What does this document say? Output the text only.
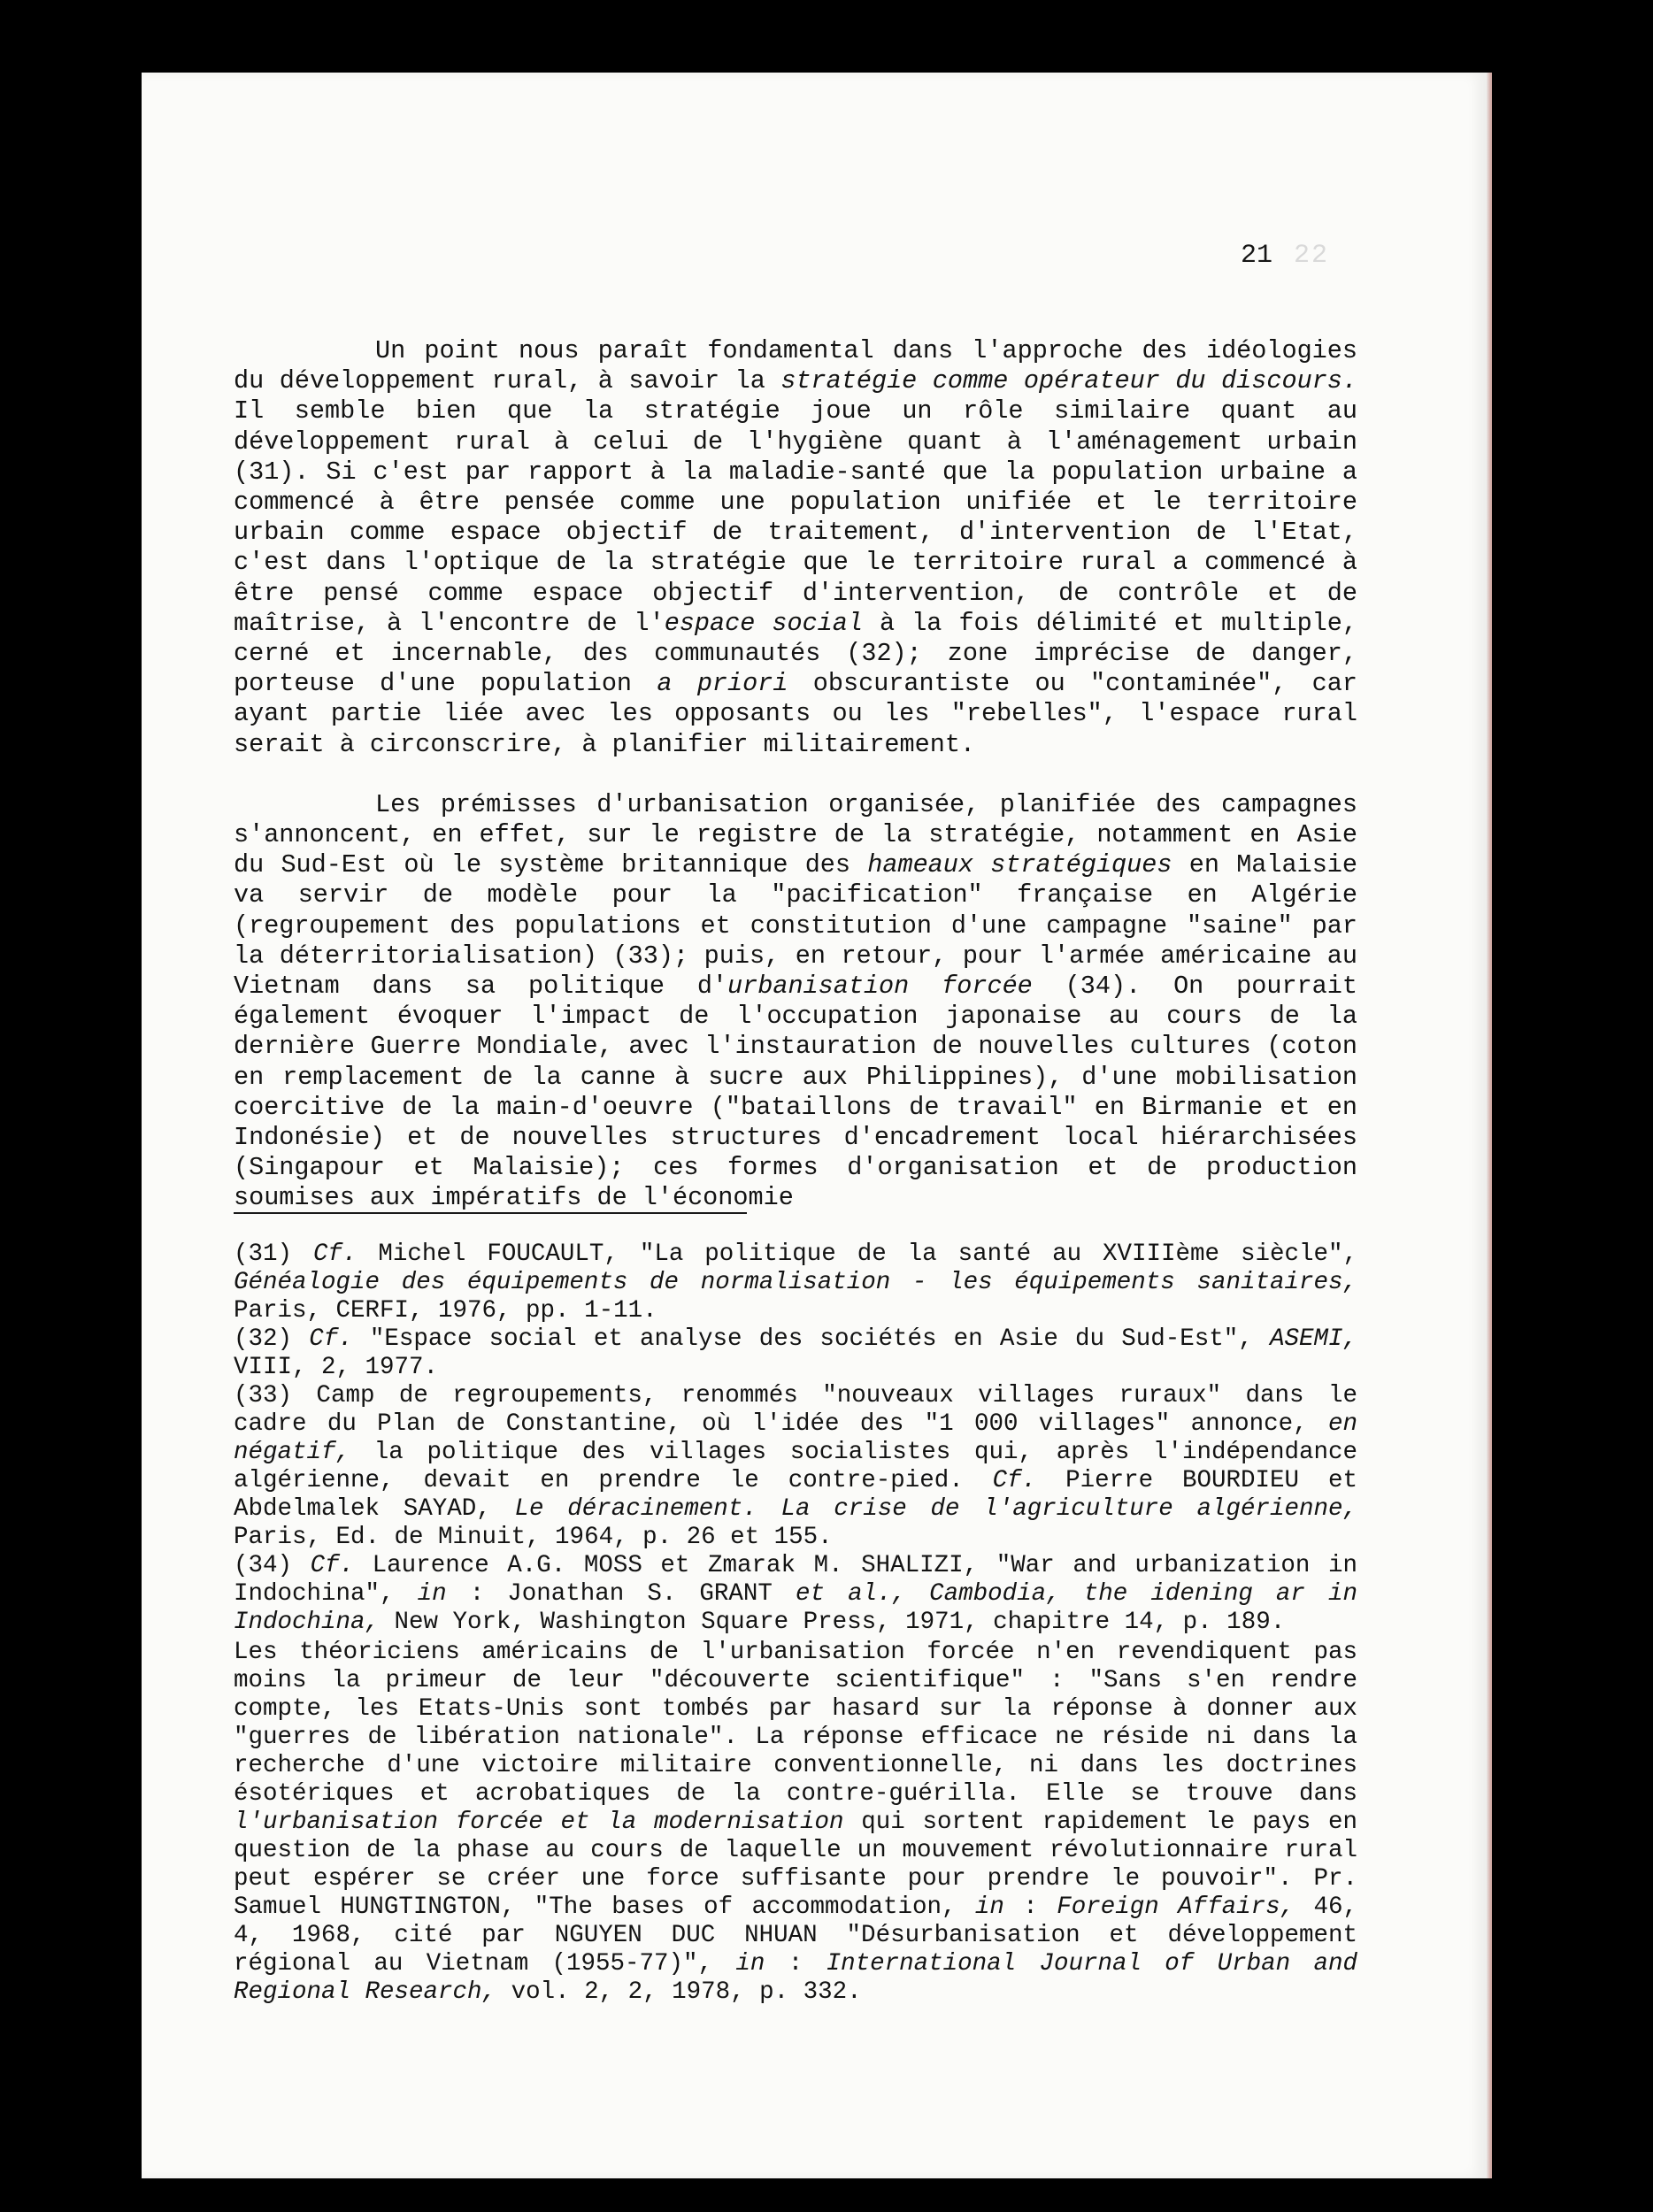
22
21

Un point nous paraît fondamental dans l'approche des idéologies du développement rural, à savoir la stratégie comme opérateur du discours. Il semble bien que la stratégie joue un rôle similaire quant au développement rural à celui de l'hygiène quant à l'aménagement urbain (31). Si c'est par rapport à la maladie-santé que la population urbaine a commencé à être pensée comme une population unifiée et le territoire urbain comme espace objectif de traitement, d'intervention de l'Etat, c'est dans l'optique de la stratégie que le territoire rural a commencé à être pensé comme espace objectif d'intervention, de contrôle et de maîtrise, à l'encontre de l'espace social à la fois délimité et multiple, cerné et incernable, des communautés (32); zone imprécise de danger, porteuse d'une population a priori obscurantiste ou "contaminée", car ayant partie liée avec les opposants ou les "rebelles", l'espace rural serait à circonscrire, à planifier militairement.

Les prémisses d'urbanisation organisée, planifiée des campagnes s'annoncent, en effet, sur le registre de la stratégie, notamment en Asie du Sud-Est où le système britannique des hameaux stratégiques en Malaisie va servir de modèle pour la "pacification" française en Algérie (regroupement des populations et constitution d'une campagne "saine" par la déterritorialisation) (33); puis, en retour, pour l'armée américaine au Vietnam dans sa politique d'urbanisation forcée (34). On pourrait également évoquer l'impact de l'occupation japonaise au cours de la dernière Guerre Mondiale, avec l'instauration de nouvelles cultures (coton en remplacement de la canne à sucre aux Philippines), d'une mobilisation coercitive de la main-d'oeuvre ("bataillons de travail" en Birmanie et en Indonésie) et de nouvelles structures d'encadrement local hiérarchisées (Singapour et Malaisie); ces formes d'organisation et de production soumises aux impératifs de l'économie

(31) Cf. Michel FOUCAULT, "La politique de la santé au XVIIIème siècle", Généalogie des équipements de normalisation - les équipements sanitaires, Paris, CERFI, 1976, pp. 1-11.

(32) Cf. "Espace social et analyse des sociétés en Asie du Sud-Est", ASEMI, VIII, 2, 1977.

(33) Camp de regroupements, renommés "nouveaux villages ruraux" dans le cadre du Plan de Constantine, où l'idée des "1 000 villages" annonce, en négatif, la politique des villages socialistes qui, après l'indépendance algérienne, devait en prendre le contre-pied. Cf. Pierre BOURDIEU et Abdelmalek SAYAD, Le déracinement. La crise de l'agriculture algérienne, Paris, Ed. de Minuit, 1964, p. 26 et 155.

(34) Cf. Laurence A.G. MOSS et Zmarak M. SHALIZI, "War and urbanization in Indochina", in : Jonathan S. GRANT et al., Cambodia, the idening ar in Indochina, New York, Washington Square Press, 1971, chapitre 14, p. 189.

Les théoriciens américains de l'urbanisation forcée n'en revendiquent pas moins la primeur de leur "découverte scientifique" : "Sans s'en rendre compte, les Etats-Unis sont tombés par hasard sur la réponse à donner aux "guerres de libération nationale". La réponse efficace ne réside ni dans la recherche d'une victoire militaire conventionnelle, ni dans les doctrines ésotériques et acrobatiques de la contre-guérilla. Elle se trouve dans l'urbanisation forcée et la modernisation qui sortent rapidement le pays en question de la phase au cours de laquelle un mouvement révolutionnaire rural peut espérer se créer une force suffisante pour prendre le pouvoir". Pr. Samuel HUNGTINGTON, "The bases of accommodation, in : Foreign Affairs, 46, 4, 1968, cité par NGUYEN DUC NHUAN "Désurbanisation et développement régional au Vietnam (1955-77)", in : International Journal of Urban and Regional Research, vol. 2, 2, 1978, p. 332.
